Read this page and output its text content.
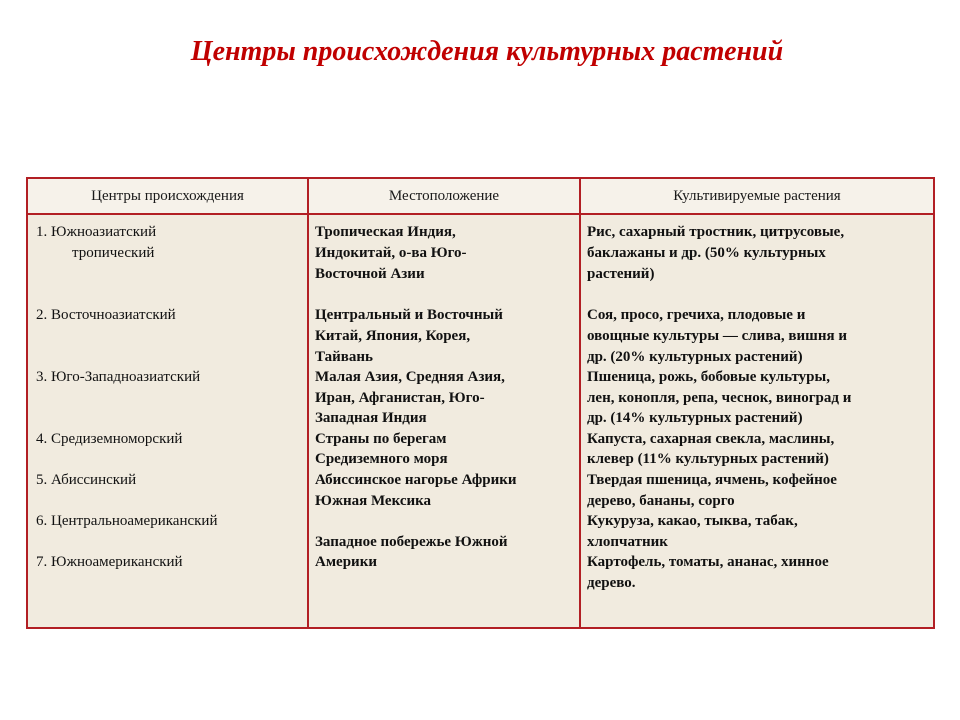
Центры происхождения культурных растений
Центры происхождения	Местоположение	Культивируемые растения
1. Южноазиатский
тропический
2. Восточноазиатский
3. Юго-Западноазиатский
4. Средиземноморский
5. Абиссинский
6. Центральноамериканский
7. Южноамериканский
Тропическая Индия,
Индокитай, о-ва Юго-
Восточной Азии
Центральный и Восточный
Китай, Япония, Корея,
Тайвань
Малая Азия, Средняя Азия,
Иран, Афганистан, Юго-
Западная Индия
Страны по берегам
Средиземного моря
Абиссинское нагорье Африки
Южная Мексика
Западное побережье Южной
Америки
Рис, сахарный тростник, цитрусовые,
баклажаны и др. (50% культурных
растений)
Соя, просо, гречиха, плодовые и
овощные культуры — слива, вишня и
др. (20% культурных растений)
Пшеница, рожь, бобовые культуры,
лен, конопля, репа, чеснок, виноград и
др. (14% культурных растений)
Капуста, сахарная свекла, маслины,
клевер (11% культурных растений)
Твердая пшеница, ячмень, кофейное
дерево, бананы, сорго
Кукуруза, какао, тыква, табак,
хлопчатник
Картофель, томаты, ананас, хинное
дерево.
